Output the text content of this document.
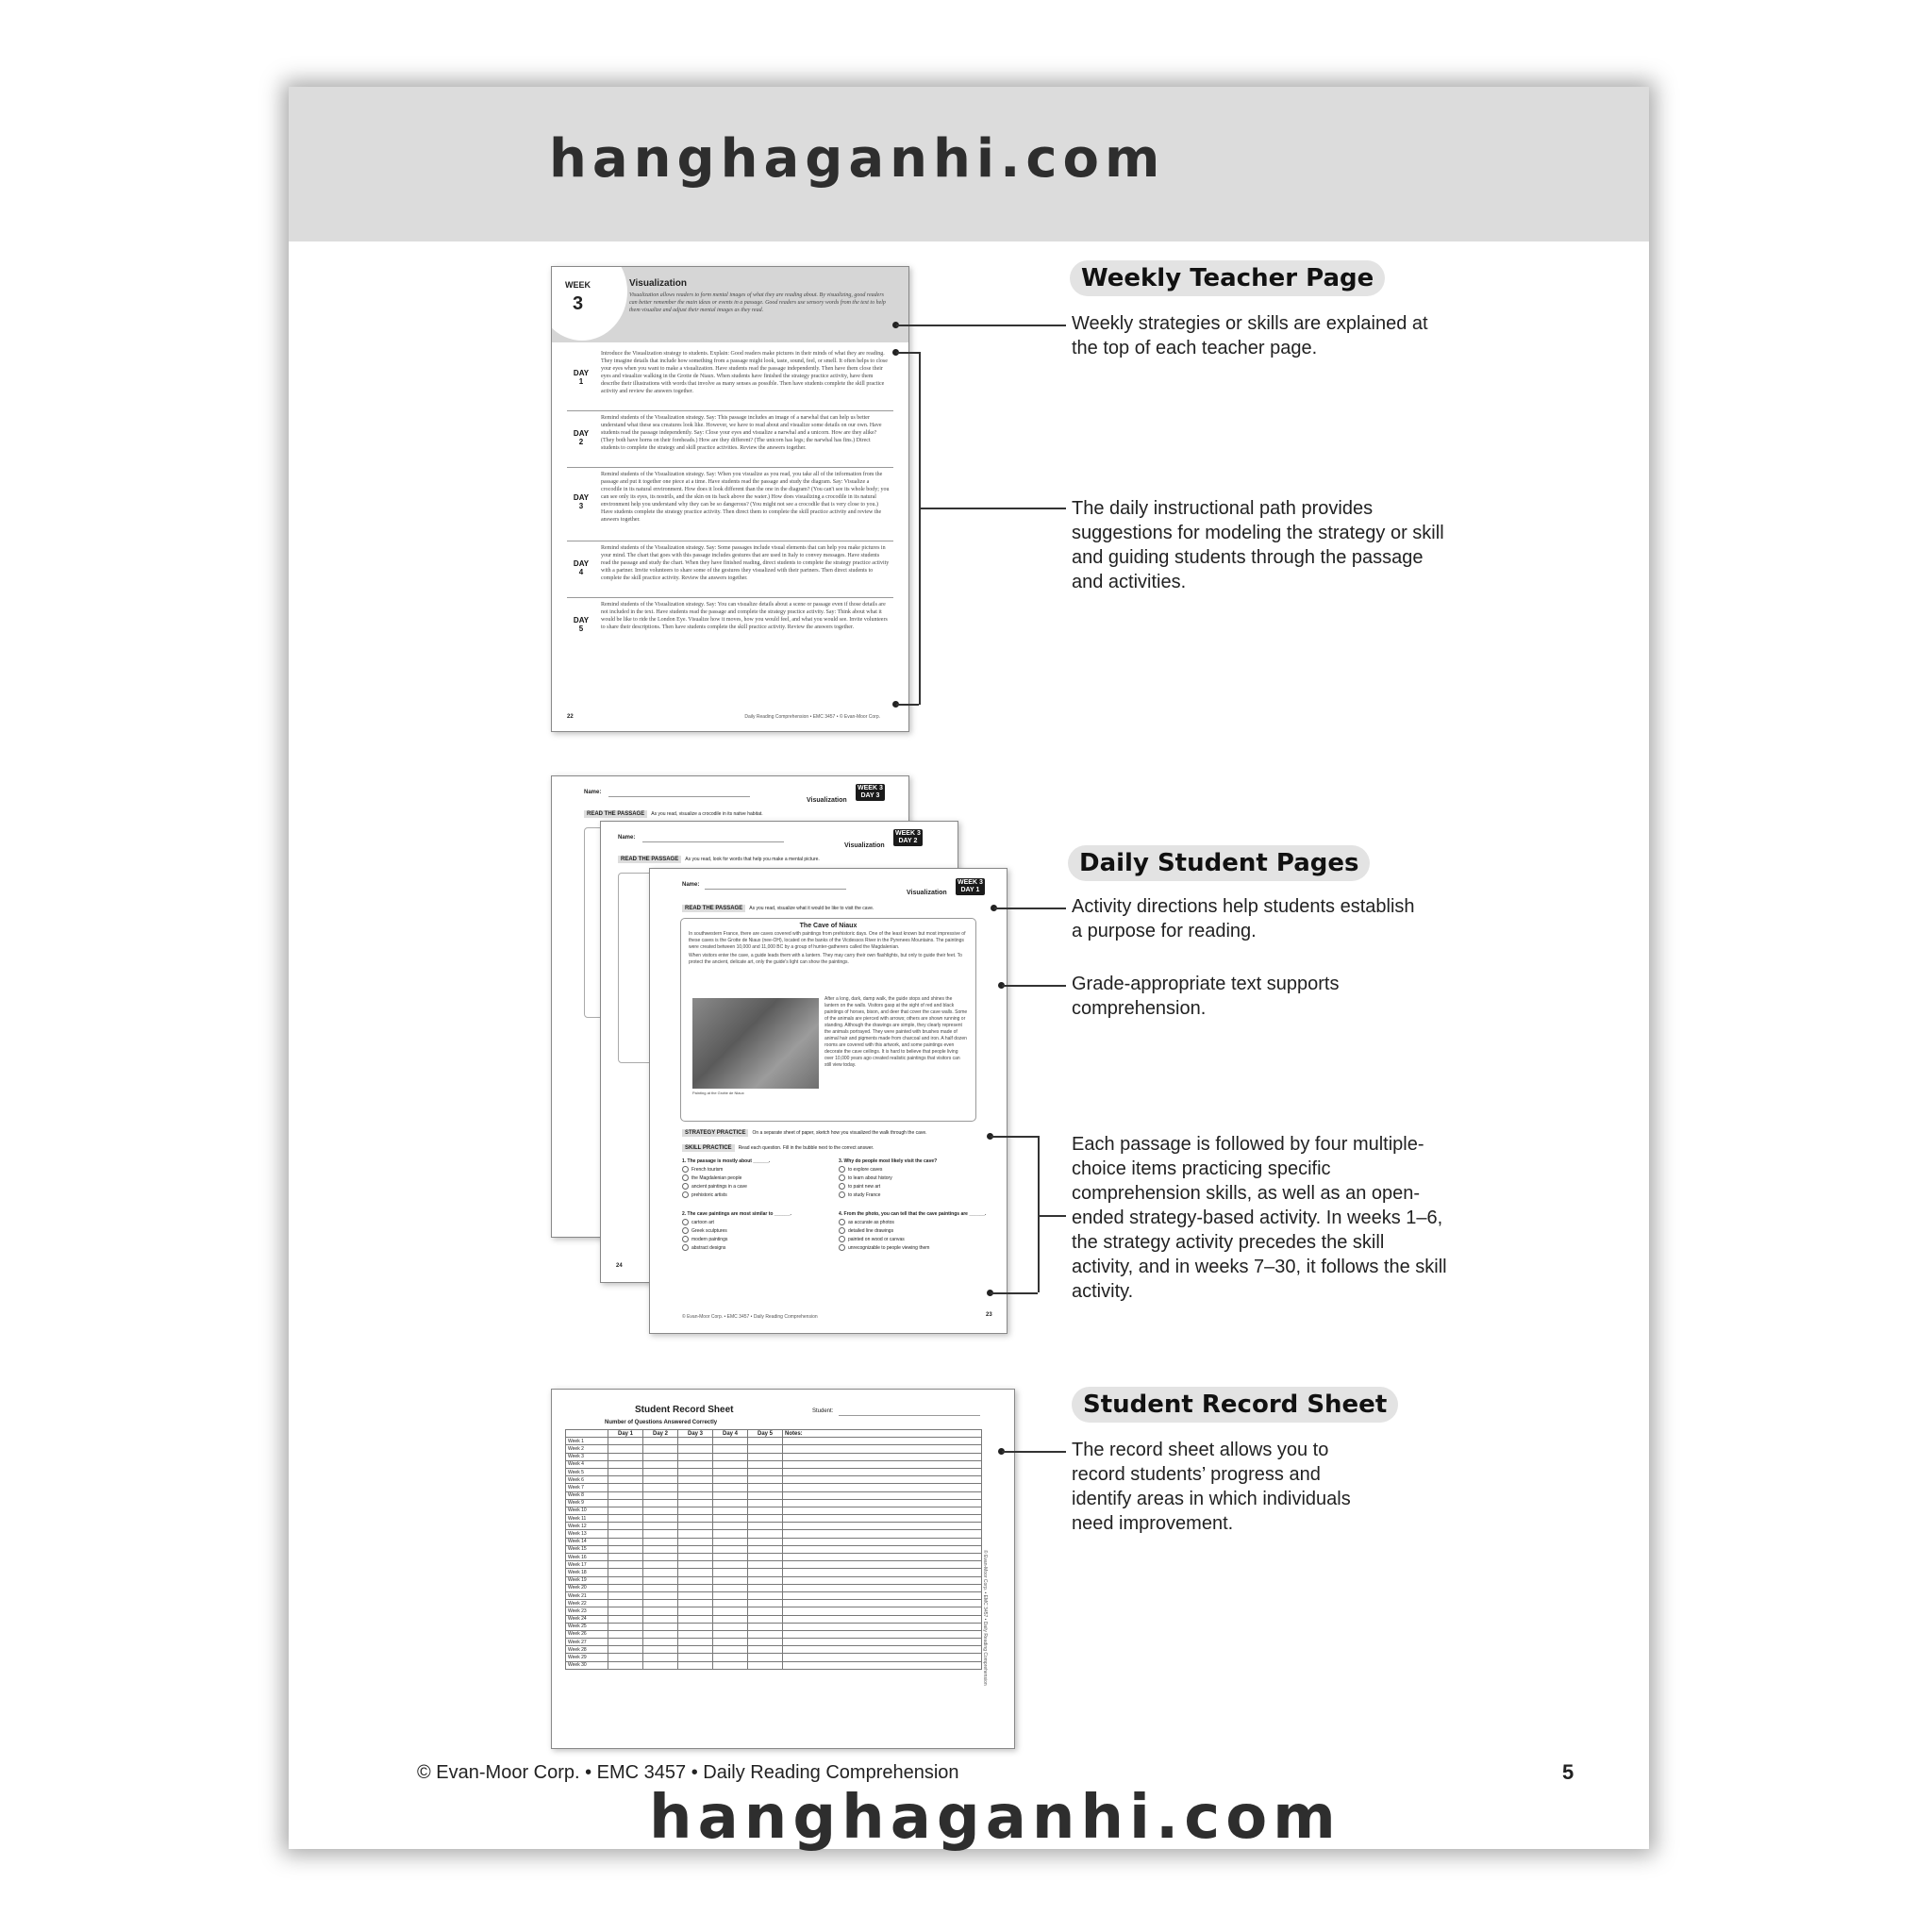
hanghaganhi.com
WEEK
3
Visualization
Visualization allows readers to form mental images of what they are reading about. By visualizing, good readers can better remember the main ideas or events in a passage. Good readers use sensory words from the text to help them visualize and adjust their mental images as they read.
DAY
1
Introduce the Visualization strategy to students. Explain: Good readers make pictures in their minds of what they are reading. They imagine details that include how something from a passage might look, taste, sound, feel, or smell. It often helps to close your eyes when you want to make a visualization. Have students read the passage independently. Then have them close their eyes and visualize walking in the Grotte de Niaux. When students have finished the strategy practice activity, have them describe their illustrations with words that involve as many senses as possible. Then have students complete the skill practice activity and review the answers together.
DAY
2
Remind students of the Visualization strategy. Say: This passage includes an image of a narwhal that can help us better understand what these sea creatures look like. However, we have to read about and visualize some details on our own. Have students read the passage independently. Say: Close your eyes and visualize a narwhal and a unicorn. How are they alike? (They both have horns on their foreheads.) How are they different? (The unicorn has legs; the narwhal has fins.) Direct students to complete the strategy and skill practice activities. Review the answers together.
DAY
3
Remind students of the Visualization strategy. Say: When you visualize as you read, you take all of the information from the passage and put it together one piece at a time. Have students read the passage and study the diagram. Say: Visualize a crocodile in its natural environment. How does it look different than the one in the diagram? (You can't see its whole body; you can see only its eyes, its nostrils, and the skin on its back above the water.) How does visualizing a crocodile in its natural environment help you understand why they can be so dangerous? (You might not see a crocodile that is very close to you.) Have students complete the strategy practice activity. Then direct them to complete the skill practice activity and review the answers together.
DAY
4
Remind students of the Visualization strategy. Say: Some passages include visual elements that can help you make pictures in your mind. The chart that goes with this passage includes gestures that are used in Italy to convey messages. Have students read the passage and study the chart. When they have finished reading, direct students to complete the strategy practice activity with a partner. Invite volunteers to share some of the gestures they visualized with their partners. Then direct students to complete the skill practice activity. Review the answers together.
DAY
5
Remind students of the Visualization strategy. Say: You can visualize details about a scene or passage even if those details are not included in the text. Have students read the passage and complete the strategy practice activity. Say: Think about what it would be like to ride the London Eye. Visualize how it moves, how you would feel, and what you would see. Invite volunteers to share their descriptions. Then have students complete the skill practice activity. Review the answers together.
22	Daily Reading Comprehension • EMC 3457 • © Evan-Moor Corp.
Weekly Teacher Page
Weekly strategies or skills are explained at the top of each teacher page.
The daily instructional path provides suggestions for modeling the strategy or skill and guiding students through the passage and activities.
Name:
Visualization
WEEK 3
DAY 3
READ THE PASSAGE As you read, visualize a crocodile in its native habitat.
Name:
Visualization
WEEK 3
DAY 2
READ THE PASSAGE As you read, look for words that help you make a mental picture.
24
Name:
Visualization
WEEK 3
DAY 1
READ THE PASSAGE As you read, visualize what it would be like to visit the cave.
The Cave of Niaux
In southwestern France, there are caves covered with paintings from prehistoric days. One of the least known but most impressive of these caves is the Grotte de Niaux (nee-OH), located on the banks of the Vicdessos River in the Pyrenees Mountains. The paintings were created between 10,000 and 11,000 BC by a group of hunter-gatherers called the Magdalenian.
When visitors enter the cave, a guide leads them with a lantern. They may carry their own flashlights, but only to guide their feet. To protect the ancient, delicate art, only the guide's light can show the paintings.
Painting at the Grotte de Niaux
After a long, dark, damp walk, the guide stops and shines the lantern on the walls. Visitors gasp at the sight of red and black paintings of horses, bison, and deer that cover the cave walls. Some of the animals are pierced with arrows; others are shown running or standing. Although the drawings are simple, they clearly represent the animals portrayed. They were painted with brushes made of animal hair and pigments made from charcoal and iron. A half dozen rooms are covered with this artwork, and some paintings even decorate the cave ceilings. It is hard to believe that people living over 10,000 years ago created realistic paintings that visitors can still view today.
STRATEGY PRACTICE On a separate sheet of paper, sketch how you visualized the walk through the cave.
SKILL PRACTICE Read each question. Fill in the bubble next to the correct answer.
1. The passage is mostly about ______.
French tourism
the Magdalenian people
ancient paintings in a cave
prehistoric artists
2. The cave paintings are most similar to ______.
cartoon art
Greek sculptures
modern paintings
abstract designs
3. Why do people most likely visit the cave?
to explore caves
to learn about history
to paint new art
to study France
4. From the photo, you can tell that the cave paintings are ______.
as accurate as photos
detailed line drawings
painted on wood or canvas
unrecognizable to people viewing them
© Evan-Moor Corp. • EMC 3457 • Daily Reading Comprehension	23
Daily Student Pages
Activity directions help students establish a purpose for reading.
Grade-appropriate text supports comprehension.
Each passage is followed by four multiple-choice items practicing specific comprehension skills, as well as an open-ended strategy-based activity. In weeks 1–6, the strategy activity precedes the skill activity, and in weeks 7–30, it follows the skill activity.
Student Record Sheet	Student:
Number of Questions Answered Correctly
	Day 1	Day 2	Day 3	Day 4	Day 5	Notes:
Week 1						
Week 2						
Week 3						
Week 4						
Week 5						
Week 6						
Week 7						
Week 8						
Week 9						
Week 10						
Week 11						
Week 12						
Week 13						
Week 14						
Week 15						
Week 16						
Week 17						
Week 18						
Week 19						
Week 20						
Week 21						
Week 22						
Week 23						
Week 24						
Week 25						
Week 26						
Week 27						
Week 28						
Week 29						
Week 30							© Evan-Moor Corp. • EMC 3457 • Daily Reading Comprehension
Student Record Sheet
The record sheet allows you to record students’ progress and identify areas in which individuals need improvement.
© Evan-Moor Corp. • EMC 3457 • Daily Reading Comprehension	5
hanghaganhi.com
